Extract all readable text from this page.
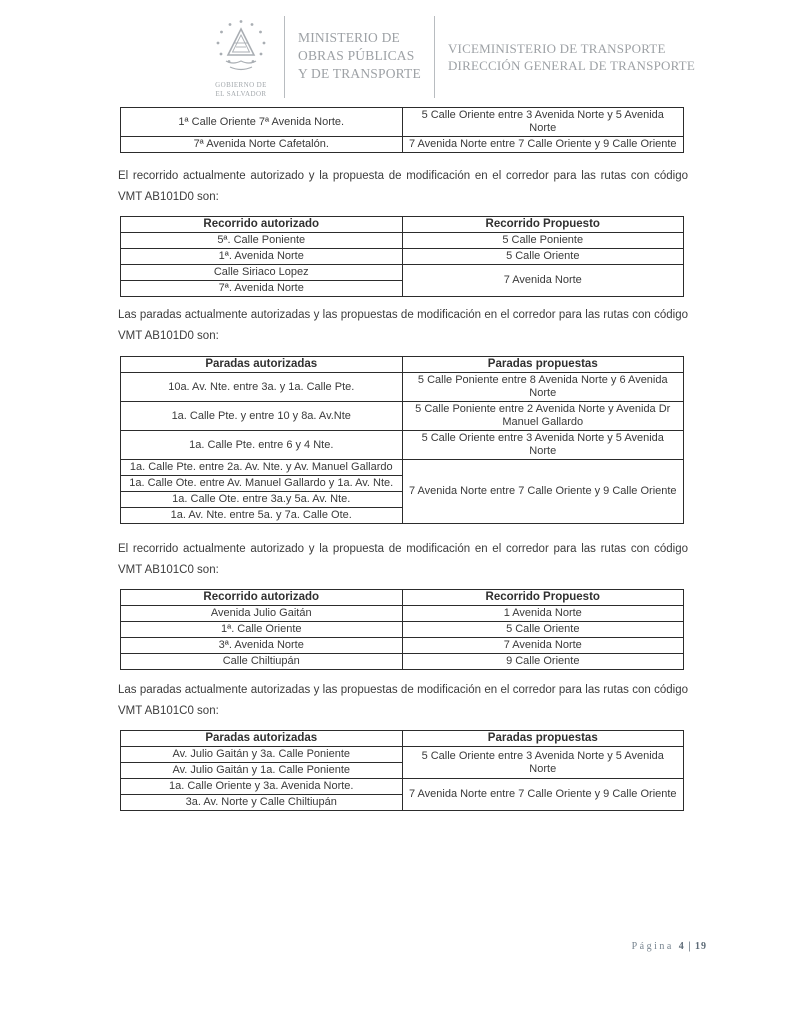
GOBIERNO DE
EL SALVADOR
MINISTERIO DE
OBRAS PÚBLICAS
Y DE TRANSPORTE
VICEMINISTERIO DE TRANSPORTE
DIRECCIÓN GENERAL DE TRANSPORTE
1ª Calle Oriente 7ª Avenida Norte.	5 Calle Oriente entre 3 Avenida Norte y 5 Avenida Norte
7ª Avenida Norte Cafetalón.	7 Avenida Norte entre 7 Calle Oriente y 9 Calle Oriente

El recorrido actualmente autorizado y la propuesta de modificación en el corredor para las rutas con código VMT AB101D0 son:

Recorrido autorizado	Recorrido Propuesto
5ª. Calle Poniente	5 Calle Poniente
1ª. Avenida Norte	5 Calle Oriente
Calle Siriaco Lopez	7 Avenida Norte
7ª. Avenida Norte	

Las paradas actualmente autorizadas y las propuestas de modificación en el corredor para las rutas con código VMT AB101D0 son:

Paradas autorizadas	Paradas propuestas
10a. Av. Nte. entre 3a. y 1a. Calle Pte.	5 Calle Poniente entre 8 Avenida Norte y 6 Avenida Norte
1a. Calle Pte. y entre 10 y 8a. Av.Nte	5 Calle Poniente entre 2 Avenida Norte y Avenida Dr Manuel Gallardo
1a. Calle Pte. entre 6 y 4 Nte.	5 Calle Oriente entre 3 Avenida Norte y 5 Avenida Norte
1a. Calle Pte. entre 2a. Av. Nte. y Av. Manuel Gallardo	7 Avenida Norte entre 7 Calle Oriente y 9 Calle Oriente
1a. Calle Ote. entre Av. Manuel Gallardo y 1a. Av. Nte.	
1a. Calle Ote. entre 3a.y 5a. Av. Nte.	
1a. Av. Nte. entre 5a. y 7a. Calle Ote.	

El recorrido actualmente autorizado y la propuesta de modificación en el corredor para las rutas con código VMT AB101C0 son:

Recorrido autorizado	Recorrido Propuesto
Avenida Julio Gaitán	1 Avenida Norte
1ª. Calle Oriente	5 Calle Oriente
3ª. Avenida Norte	7 Avenida Norte
Calle Chiltiupán	9 Calle Oriente

Las paradas actualmente autorizadas y las propuestas de modificación en el corredor para las rutas con código VMT AB101C0 son:

Paradas autorizadas	Paradas propuestas
Av. Julio Gaitán y 3a. Calle Poniente	5 Calle Oriente entre 3 Avenida Norte y 5 Avenida Norte
Av. Julio Gaitán y 1a. Calle Poniente	
1a. Calle Oriente y 3a. Avenida Norte.	7 Avenida Norte entre 7 Calle Oriente y 9 Calle Oriente
3a. Av. Norte y Calle Chiltiupán	
Página 4 | 19
